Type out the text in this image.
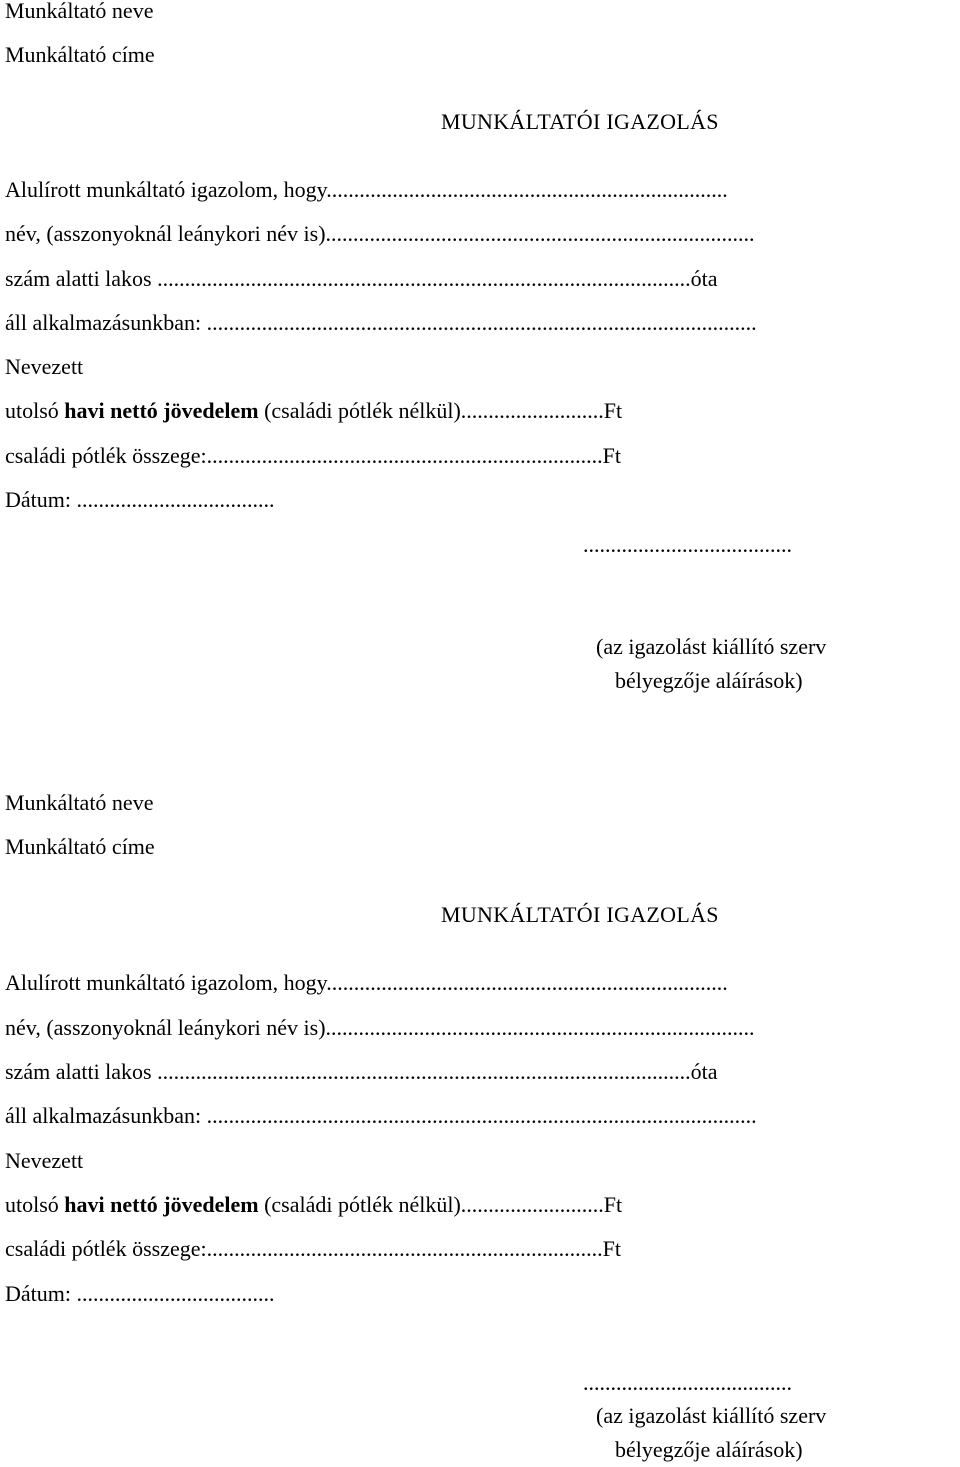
Munkáltató neve
Munkáltató címe
MUNKÁLTATÓI IGAZOLÁS
Alulírott munkáltató igazolom, hogy.........................................................................
név, (asszonyoknál leánykori név is)..............................................................................
szám alatti lakos .................................................................................................óta
áll alkalmazásunkban: ....................................................................................................
Nevezett
utolsó havi nettó jövedelem (családi pótlék nélkül)..........................Ft
családi pótlék összege:........................................................................Ft
Dátum: ....................................
......................................
(az igazolást kiállító szerv
bélyegzője aláírások)
Munkáltató neve
Munkáltató címe
MUNKÁLTATÓI IGAZOLÁS
Alulírott munkáltató igazolom, hogy.........................................................................
név, (asszonyoknál leánykori név is)..............................................................................
szám alatti lakos .................................................................................................óta
áll alkalmazásunkban: ....................................................................................................
Nevezett
utolsó havi nettó jövedelem (családi pótlék nélkül)..........................Ft
családi pótlék összege:........................................................................Ft
Dátum: ....................................
......................................
(az igazolást kiállító szerv
bélyegzője aláírások)
